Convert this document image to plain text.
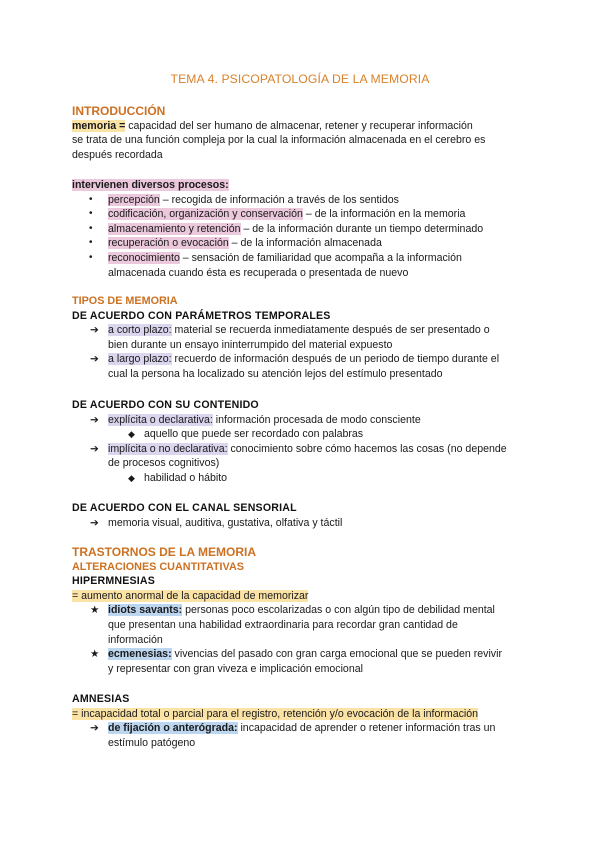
TEMA 4. PSICOPATOLOGÍA DE LA MEMORIA
INTRODUCCIÓN
memoria = capacidad del ser humano de almacenar, retener y recuperar información
se trata de una función compleja por la cual la información almacenada en el cerebro es
después recordada
intervienen diversos procesos:
• percepción – recogida de información a través de los sentidos
• codificación, organización y conservación – de la información en la memoria
• almacenamiento y retención – de la información durante un tiempo determinado
• recuperación o evocación – de la información almacenada
• reconocimiento – sensación de familiaridad que acompaña a la información
almacenada cuando ésta es recuperada o presentada de nuevo
TIPOS DE MEMORIA
DE ACUERDO CON PARÁMETROS TEMPORALES
➔ a corto plazo: material se recuerda inmediatamente después de ser presentado o
bien durante un ensayo ininterrumpido del material expuesto
➔ a largo plazo: recuerdo de información después de un periodo de tiempo durante el
cual la persona ha localizado su atención lejos del estímulo presentado
DE ACUERDO CON SU CONTENIDO
➔ explícita o declarativa: información procesada de modo consciente
◆ aquello que puede ser recordado con palabras
➔ implícita o no declarativa: conocimiento sobre cómo hacemos las cosas (no depende
de procesos cognitivos)
◆ habilidad o hábito
DE ACUERDO CON EL CANAL SENSORIAL
➔ memoria visual, auditiva, gustativa, olfativa y táctil
TRASTORNOS DE LA MEMORIA
ALTERACIONES CUANTITATIVAS
HIPERMNESIAS
= aumento anormal de la capacidad de memorizar
★ idiots savants: personas poco escolarizadas o con algún tipo de debilidad mental
que presentan una habilidad extraordinaria para recordar gran cantidad de
información
★ ecmenesias: vivencias del pasado con gran carga emocional que se pueden revivir
y representar con gran viveza e implicación emocional
AMNESIAS
= incapacidad total o parcial para el registro, retención y/o evocación de la información
➔ de fijación o anterógrada: incapacidad de aprender o retener información tras un
estímulo patógeno
